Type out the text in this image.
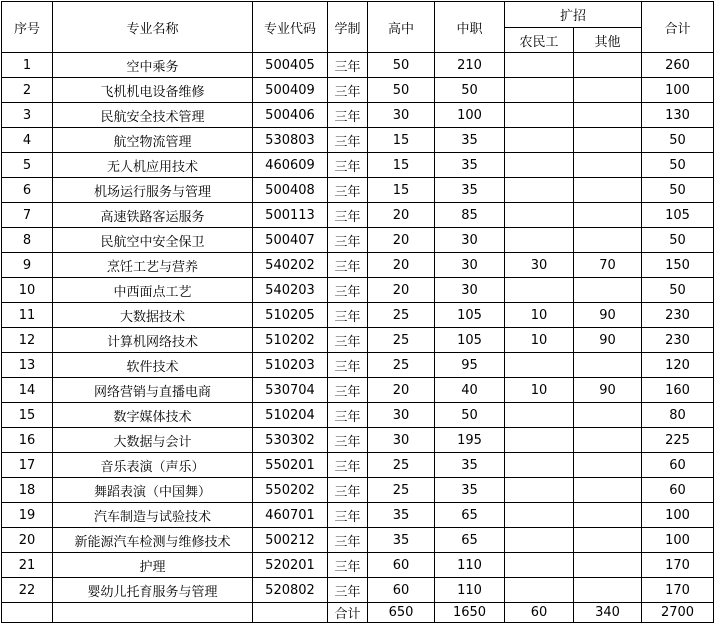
序号	专业名称	专业代码	学制	高中	中职	扩招		合计
						农民工	其他	
1	空中乘务	500405	三年	50	210			260
2	飞机机电设备维修	500409	三年	50	50			100
3	民航安全技术管理	500406	三年	30	100			130
4	航空物流管理	530803	三年	15	35			50
5	无人机应用技术	460609	三年	15	35			50
6	机场运行服务与管理	500408	三年	15	35			50
7	高速铁路客运服务	500113	三年	20	85			105
8	民航空中安全保卫	500407	三年	20	30			50
9	烹饪工艺与营养	540202	三年	20	30	30	70	150
10	中西面点工艺	540203	三年	20	30			50
11	大数据技术	510205	三年	25	105	10	90	230
12	计算机网络技术	510202	三年	25	105	10	90	230
13	软件技术	510203	三年	25	95			120
14	网络营销与直播电商	530704	三年	20	40	10	90	160
15	数字媒体技术	510204	三年	30	50			80
16	大数据与会计	530302	三年	30	195			225
17	音乐表演（声乐）	550201	三年	25	35			60
18	舞蹈表演（中国舞）	550202	三年	25	35			60
19	汽车制造与试验技术	460701	三年	35	65			100
20	新能源汽车检测与维修技术	500212	三年	35	65			100
21	护理	520201	三年	60	110			170
22	婴幼儿托育服务与管理	520802	三年	60	110			170
			合计	650	1650	60	340	2700
